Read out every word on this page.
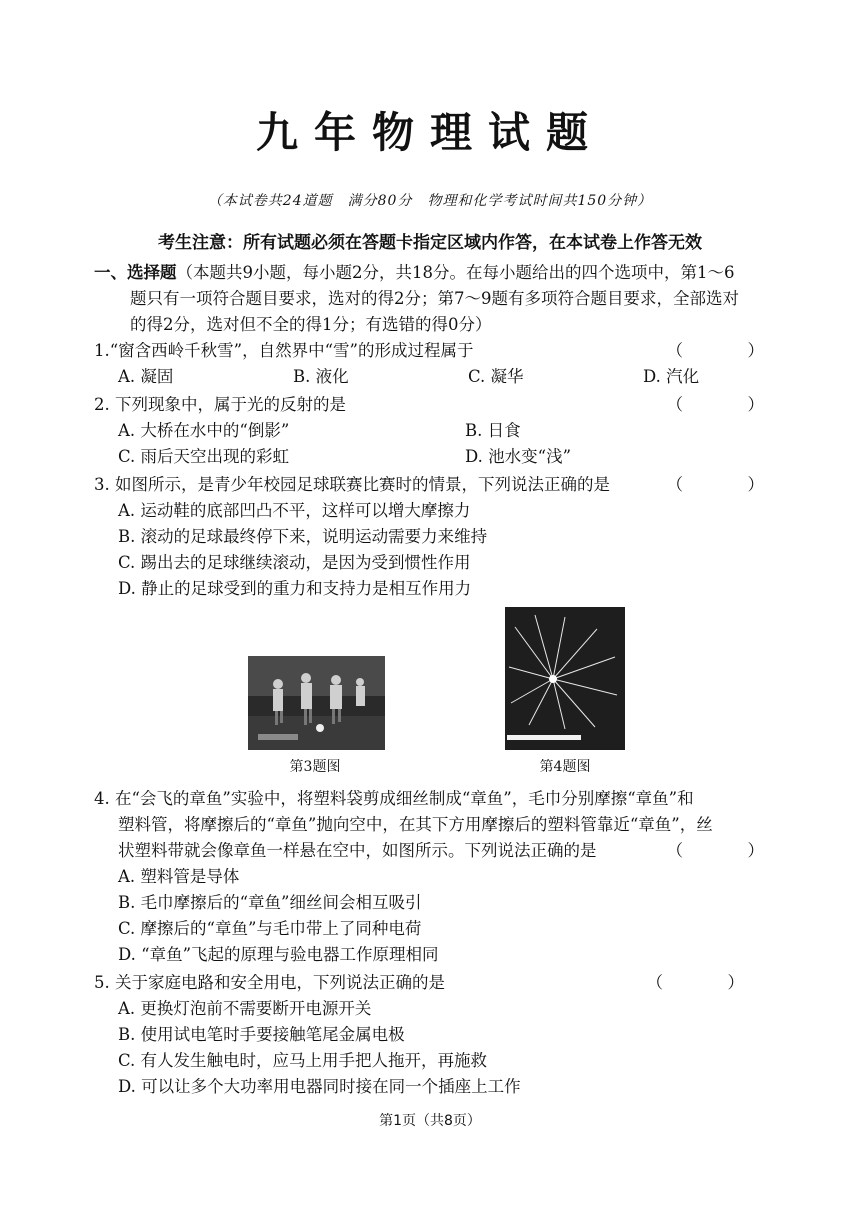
九年物理试题
（本试卷共24道题　满分80分　物理和化学考试时间共150分钟）
考生注意：所有试题必须在答题卡指定区域内作答，在本试卷上作答无效
一、选择题（本题共9小题，每小题2分，共18分。在每小题给出的四个选项中，第1～6
题只有一项符合题目要求，选对的得2分；第7～9题有多项符合题目要求，全部选对
的得2分，选对但不全的得1分；有选错的得0分）
1.“窗含西岭千秋雪”，自然界中“雪”的形成过程属于	（　）
A. 凝固	B. 液化	C. 凝华	D. 汽化
2. 下列现象中，属于光的反射的是	（　）
A. 大桥在水中的“倒影”	B. 日食
C. 雨后天空出现的彩虹	D. 池水变“浅”
3. 如图所示，是青少年校园足球联赛比赛时的情景，下列说法正确的是	（　）
A. 运动鞋的底部凹凸不平，这样可以增大摩擦力
B. 滚动的足球最终停下来，说明运动需要力来维持
C. 踢出去的足球继续滚动，是因为受到惯性作用
D. 静止的足球受到的重力和支持力是相互作用力
第3题图	第4题图
4. 在“会飞的章鱼”实验中，将塑料袋剪成细丝制成“章鱼”，毛巾分别摩擦“章鱼”和
塑料管，将摩擦后的“章鱼”抛向空中，在其下方用摩擦后的塑料管靠近“章鱼”，丝
状塑料带就会像章鱼一样悬在空中，如图所示。下列说法正确的是	（　）
A. 塑料管是导体
B. 毛巾摩擦后的“章鱼”细丝间会相互吸引
C. 摩擦后的“章鱼”与毛巾带上了同种电荷
D. “章鱼”飞起的原理与验电器工作原理相同
5. 关于家庭电路和安全用电，下列说法正确的是	（　）
A. 更换灯泡前不需要断开电源开关
B. 使用试电笔时手要接触笔尾金属电极
C. 有人发生触电时，应马上用手把人拖开，再施救
D. 可以让多个大功率用电器同时接在同一个插座上工作
第1页（共8页）
